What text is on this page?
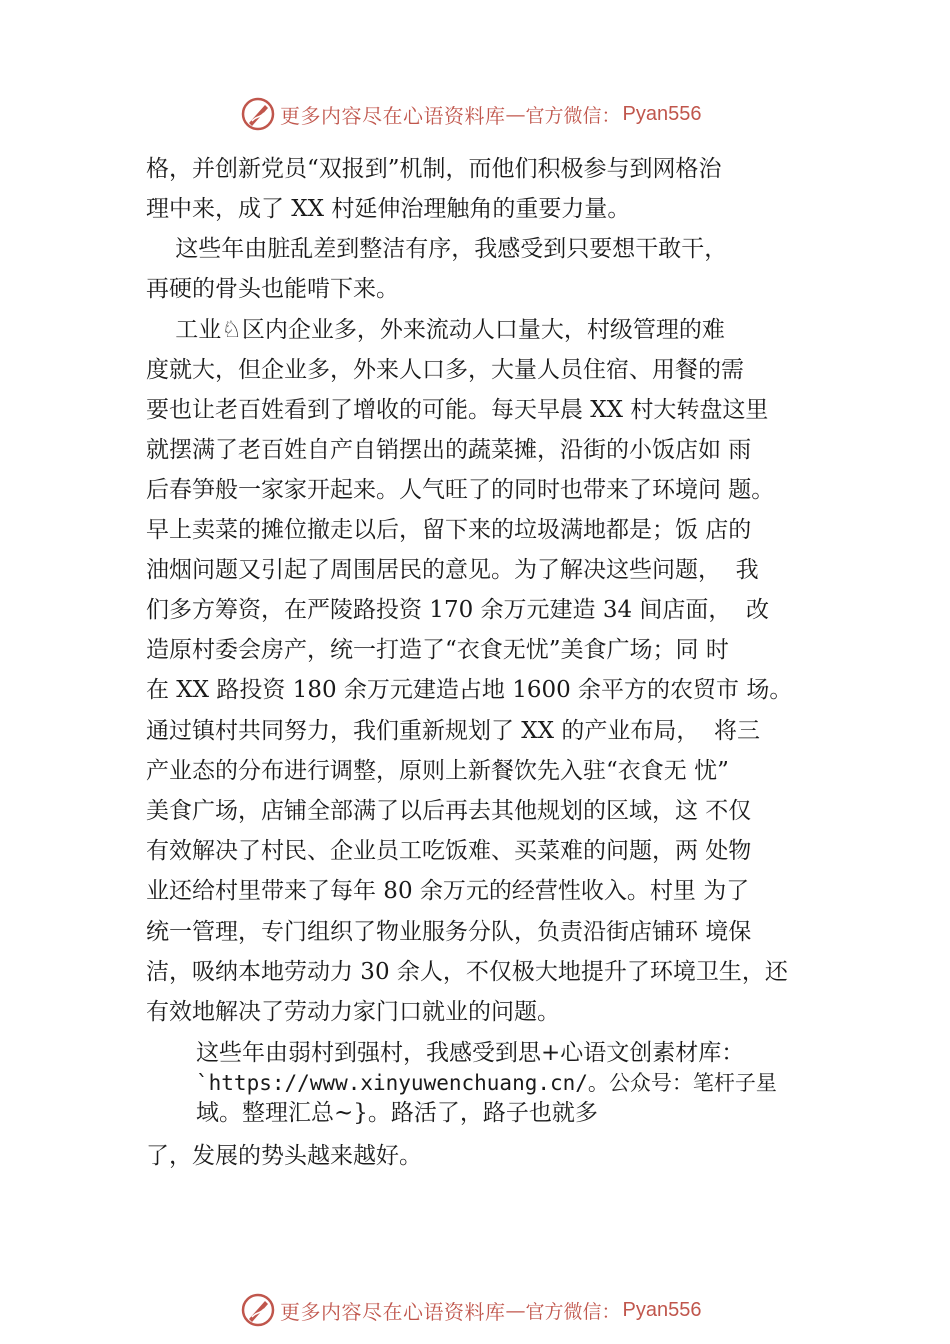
更多内容尽在心语资料库 — 官方微信： Pyan556
格，并创新党员“双报到”机制，而他们积极参与到网格治
理中来，成了 XX 村延伸治理触角的重要力量。
这些年由脏乱差到整洁有序，我感受到只要想干敢干，
再硬的骨头也能啃下来。
工业♘区内企业多，外来流动人口量大，村级管理的难
度就大，但企业多，外来人口多，大量人员住宿、用餐的需
要也让老百姓看到了增收的可能。每天早晨 XX 村大转盘这里
就摆满了老百姓自产自销摆出的蔬菜摊，沿街的小饭店如 雨
后春笋般一家家开起来。人气旺了的同时也带来了环境问 题。
早上卖菜的摊位撤走以后，留下来的垃圾满地都是；饭 店的
油烟问题又引起了周围居民的意见。为了解决这些问题，  我
们多方筹资，在严陵路投资 170 余万元建造 34 间店面，  改
造原村委会房产，统一打造了“衣食无忧”美食广场；同 时
在 XX 路投资 180 余万元建造占地 1600 余平方的农贸市 场。
通过镇村共同努力，我们重新规划了 XX 的产业布局，  将三
产业态的分布进行调整，原则上新餐饮先入驻“衣食无 忧”
美食广场，店铺全部满了以后再去其他规划的区域，这 不仅
有效解决了村民、企业员工吃饭难、买菜难的问题，两 处物
业还给村里带来了每年 80 余万元的经营性收入。村里 为了
统一管理，专门组织了物业服务分队，负责沿街店铺环 境保
洁，吸纳本地劳动力 30 余人，不仅极大地提升了环境卫生，还
有效地解决了劳动力家门口就业的问题。
这些年由弱村到强村，我感受到思+心语文创素材库：
`https://www.xinyuwenchuang.cn/。公众号：笔杆子星
域。整理汇总~}。路活了，路子也就多
了，发展的势头越来越好。
更多内容尽在心语资料库 — 官方微信： Pyan556
